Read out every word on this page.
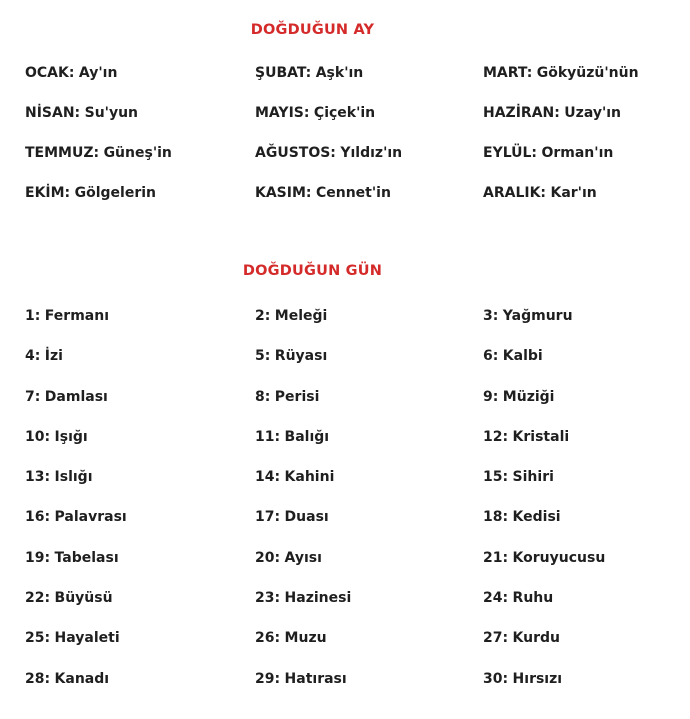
DOĞDUĞUN AY
OCAK: Ay'ın	ŞUBAT: Aşk'ın	MART: Gökyüzü'nün
NİSAN: Su'yun	MAYIS: Çiçek'in	HAZİRAN: Uzay'ın
TEMMUZ: Güneş'in	AĞUSTOS: Yıldız'ın	EYLÜL: Orman'ın
EKİM: Gölgelerin	KASIM: Cennet'in	ARALIK: Kar'ın
DOĞDUĞUN GÜN
1: Fermanı	2: Meleği	3: Yağmuru
4: İzi	5: Rüyası	6: Kalbi
7: Damlası	8: Perisi	9: Müziği
10: Işığı	11: Balığı	12: Kristali
13: Islığı	14: Kahini	15: Sihiri
16: Palavrası	17: Duası	18: Kedisi
19: Tabelası	20: Ayısı	21: Koruyucusu
22: Büyüsü	23: Hazinesi	24: Ruhu
25: Hayaleti	26: Muzu	27: Kurdu
28: Kanadı	29: Hatırası	30: Hırsızı
